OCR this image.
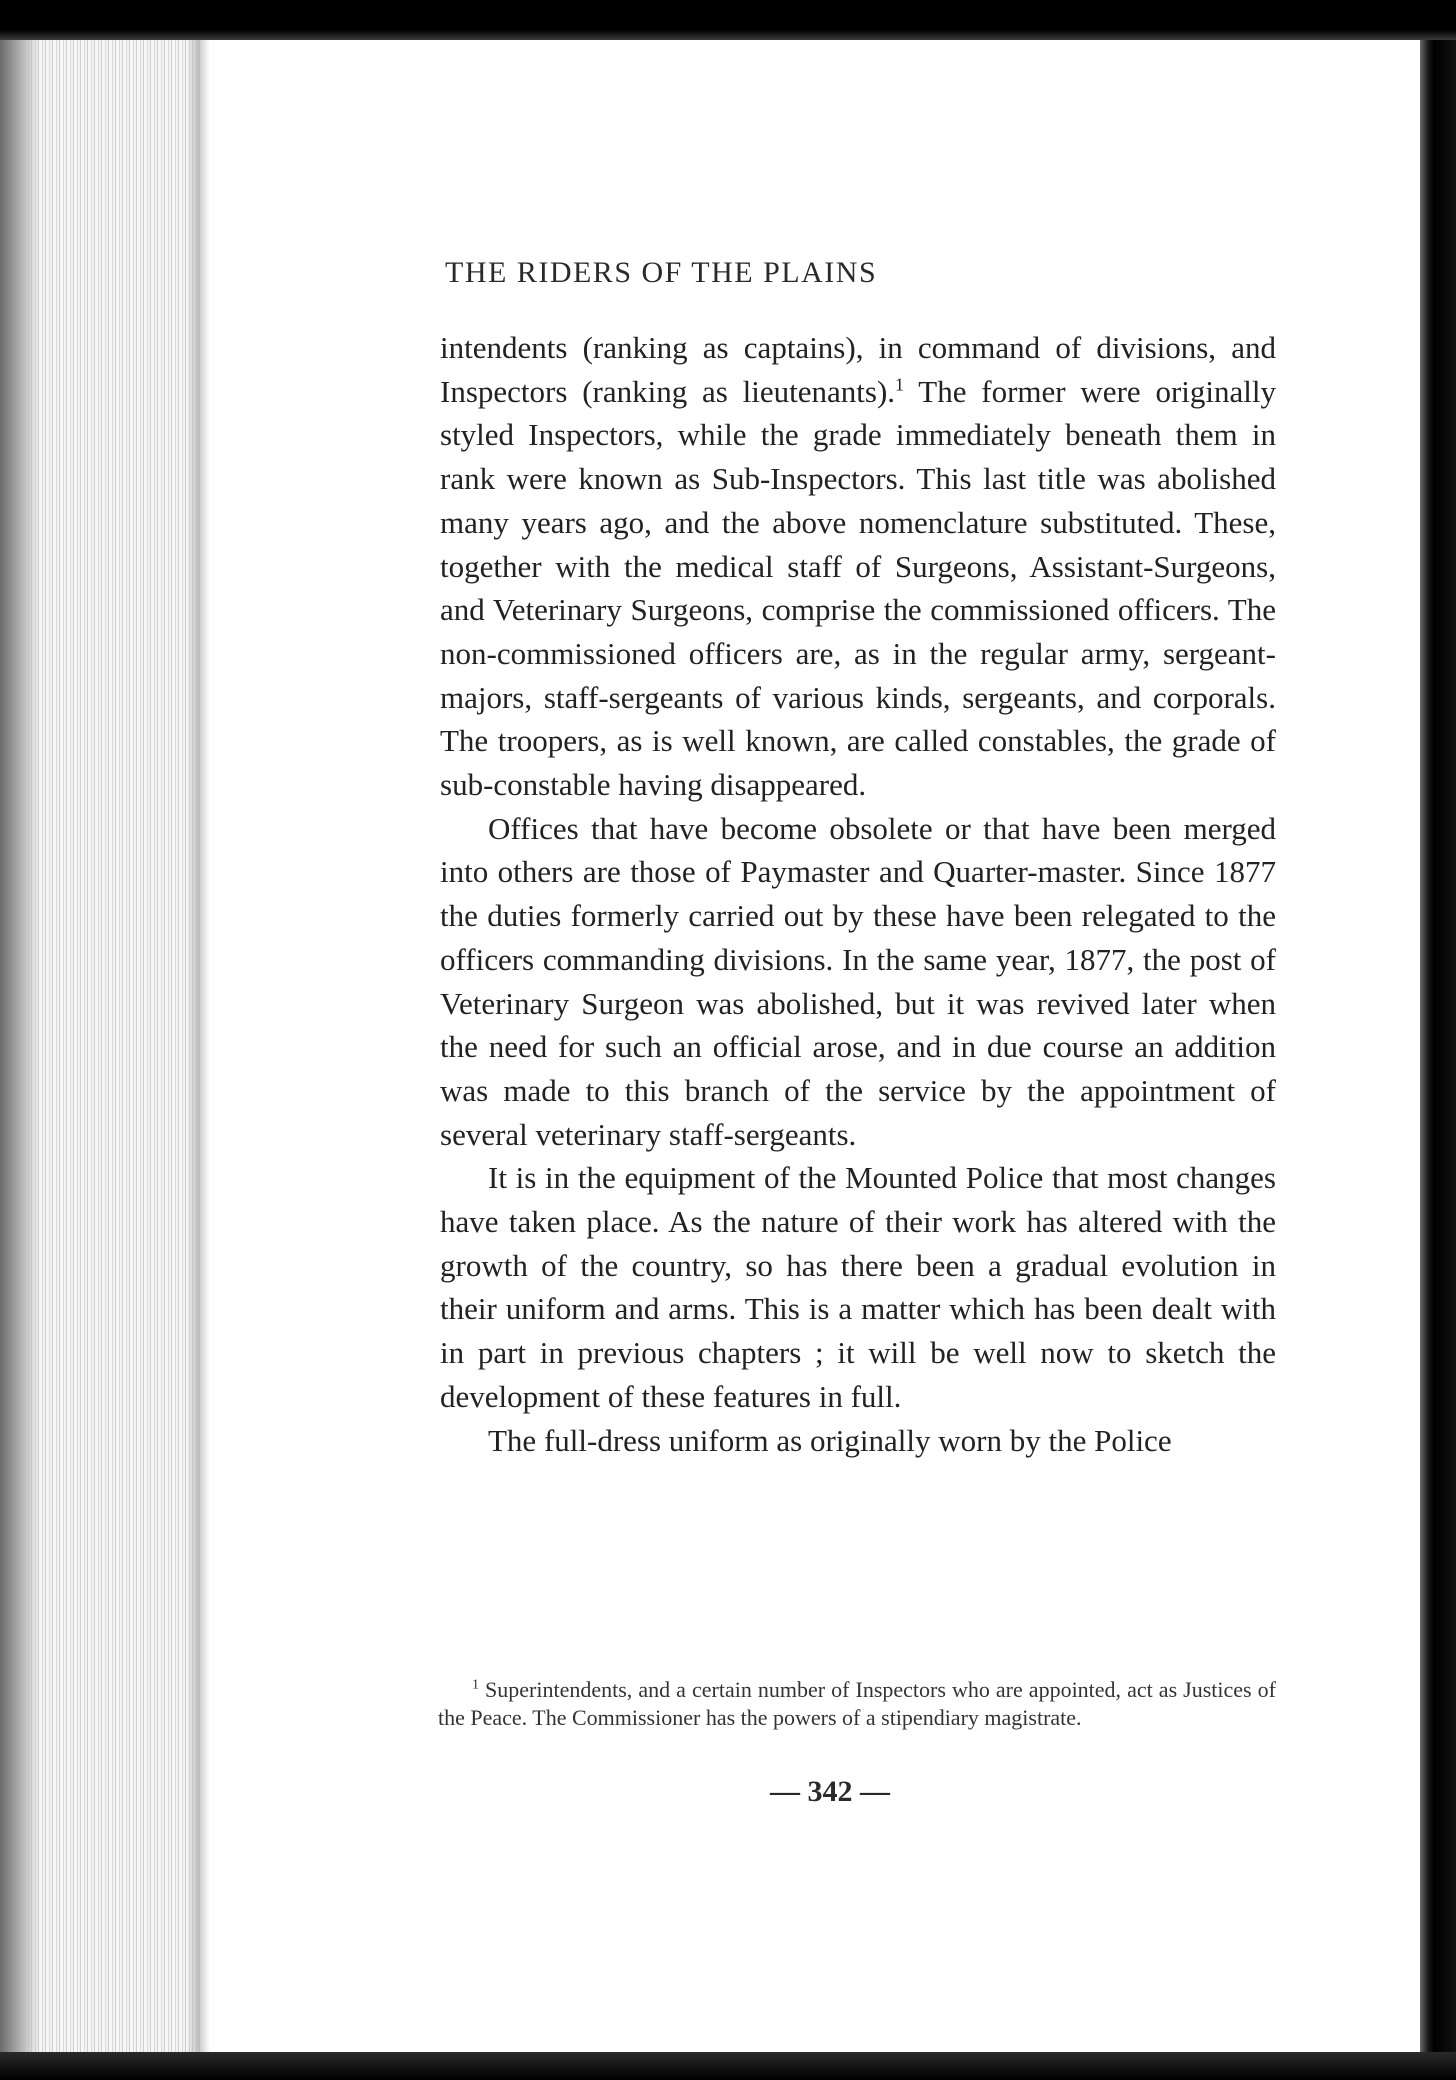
THE RIDERS OF THE PLAINS

intendents (ranking as captains), in command of divisions, and Inspectors (ranking as lieutenants).$^1$ The former were originally styled Inspectors, while the grade immediately beneath them in rank were known as Sub-Inspectors. This last title was abolished many years ago, and the above nomenclature substituted. These, together with the medical staff of Surgeons, Assistant-Surgeons, and Veterinary Surgeons, comprise the commissioned officers. The non-commissioned officers are, as in the regular army, sergeant-majors, staff-sergeants of various kinds, sergeants, and corporals. The troopers, as is well known, are called constables, the grade of sub-constable having disappeared.

Offices that have become obsolete or that have been merged into others are those of Paymaster and Quarter-master. Since 1877 the duties formerly carried out by these have been relegated to the officers commanding divisions. In the same year, 1877, the post of Veterinary Surgeon was abolished, but it was revived later when the need for such an official arose, and in due course an addition was made to this branch of the service by the appointment of several veterinary staff-sergeants.

It is in the equipment of the Mounted Police that most changes have taken place. As the nature of their work has altered with the growth of the country, so has there been a gradual evolution in their uniform and arms. This is a matter which has been dealt with in part in previous chapters ; it will be well now to sketch the development of these features in full.

The full-dress uniform as originally worn by the Police

$^1$ Superintendents, and a certain number of Inspectors who are appointed, act as Justices of the Peace. The Commissioner has the powers of a stipendiary magistrate.

— 342 —
